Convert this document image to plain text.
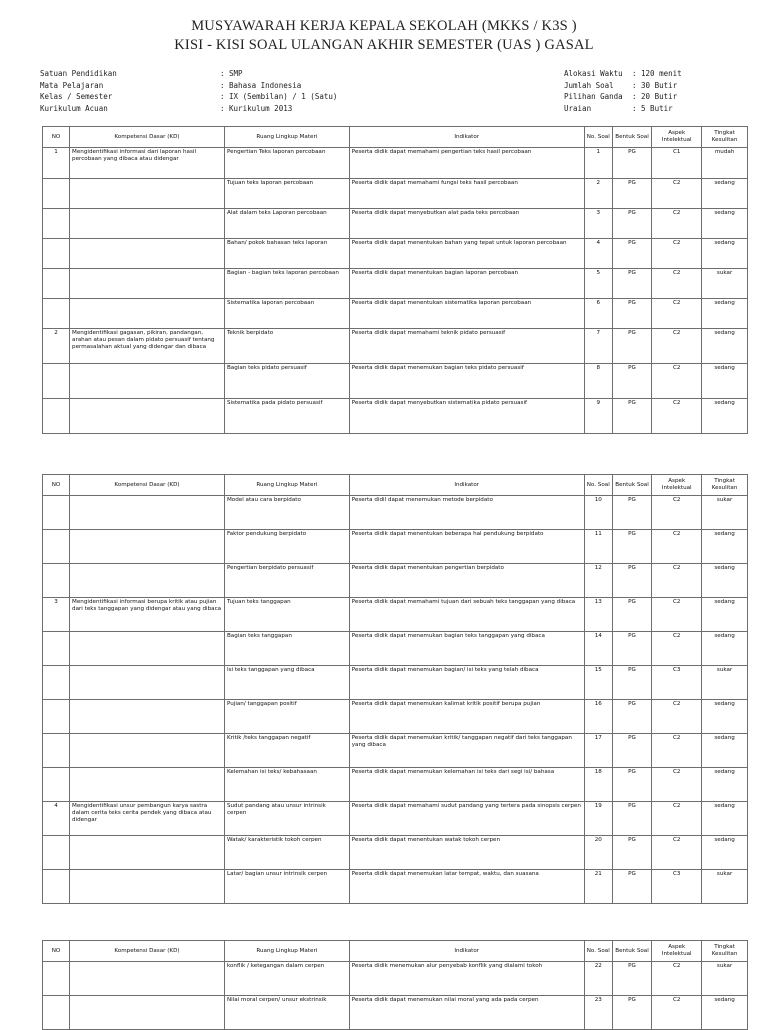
MUSYAWARAH KERJA KEPALA SEKOLAH (MKKS / K3S )
KISI - KISI SOAL ULANGAN AKHIR SEMESTER (UAS ) GASAL
Satuan Pendidikan	: SMP	Alokasi Waktu	: 120 menit
Mata Pelajaran	: Bahasa Indonesia	Jumlah Soal	: 30 Butir
Kelas / Semester	: IX (Sembilan) / 1 (Satu)	Pilihan Ganda	: 20 Butir
Kurikulum Acuan	: Kurikulum 2013	Uraian	: 5 Butir
NO	Kompetensi Dasar (KD)	Ruang Lingkup Materi	Indikator	No. Soal	Bentuk Soal	Aspek Intelektual	Tingkat Kesulitan
1	Mengidentifikasi informasi dari laporan hasil percobaan yang dibaca atau didengar	Pengertian Teks laporan percobaan	Peserta didik dapat memahami pengertian teks hasil percobaan	1	PG	C1	mudah
		Tujuan teks laporan percobaan	Peserta didik dapat memahami fungsi teks hasil percobaan	2	PG	C2	sedang
		Alat dalam teks Laporan percobaan	Peserta didik dapat menyebutkan alat pada teks percobaan	3	PG	C2	sedang
		Bahan/ pokok bahasan teks laporan	Peserta didik dapat menentukan bahan yang tepat untuk laporan percobaan	4	PG	C2	sedang
		Bagian - bagian teks laporan percobaan	Peserta didik dapat menentukan bagian laporan percobaan	5	PG	C2	sukar
		Sistematika laporan percobaan	Peserta didik dapat menentukan sistematika laporan percobaan	6	PG	C2	sedang
2	Mengidentifikasi gagasan, pikiran, pandangan, arahan atau pesan dalam pidato persuasif tentang permasalahan aktual yang didengar dan dibaca	Teknik berpidato	Peserta didik dapat memahami teknik pidato persuasif	7	PG	C2	sedang
		Bagian teks pidato persuasif	Peserta didik dapat menemukan bagian teks pidato persuasif	8	PG	C2	sedang
		Sistematika pada pidato persuasif	Peserta didik dapat menyebutkan sistematika pidato persuasif	9	PG	C2	sedang
NO	Kompetensi Dasar (KD)	Ruang Lingkup Materi	Indikator	No. Soal	Bentuk Soal	Aspek Intelektual	Tingkat Kesulitan
		Model atau cara berpidato	Peserta didil dapat menemukan metode berpidato	10	PG	C2	sukar
		Faktor pendukung berpidato	Peserta didik dapat menentukan beberapa hal pendukung berpidato	11	PG	C2	sedang
		Pengertian berpidato persuasif	Peserta didik dapat menentukan pengertian berpidato	12	PG	C2	sedang
3	Mengidentifikasi informasi berupa kritik atau pujian dari teks tanggapan yang didengar atau yang dibaca	Tujuan teks tanggapan	Peserta didik dapat memahami tujuan dari sebuah teks tanggapan yang dibaca	13	PG	C2	sedang
		Bagian teks tanggapan	Peserta didik dapat menemukan bagian teks tanggapan yang dibaca	14	PG	C2	sedang
		Isi teks tanggapan yang dibaca	Peserta didik dapat menemukan bagian/ isi teks yang telah dibaca	15	PG	C3	sukar
		Pujian/ tanggapan positif	Peserta didik dapat menemukan kalimat kritik positif berupa pujian	16	PG	C2	sedang
		Kritik /teks tanggapan negatif	Peserta didik dapat menemukan kritik/ tanggapan negatif dari teks tanggapan yang dibaca	17	PG	C2	sedang
		Kelemahan isi teks/ kebahasaan	Peserta didik dapat menemukan kelemahan isi teks dari segi isi/ bahasa	18	PG	C2	sedang
4	Mengidentifikasi unsur pembangun karya sastra dalam cerita teks cerita pendek yang dibaca atau didengar	Sudut pandang atau unsur intrinsik cerpen	Peserta didik dapat memahami sudut pandang yang tertera pada sinopsis cerpen	19	PG	C2	sedang
		Watak/ karakteristik tokoh cerpen	Peserta didik dapat menentukan watak tokoh cerpen	20	PG	C2	sedang
		Latar/ bagian unsur intrinsik cerpen	Peserta didik dapat menemukan latar tempat, waktu, dan suasana	21	PG	C3	sukar
NO	Kompetensi Dasar (KD)	Ruang Lingkup Materi	Indikator	No. Soal	Bentuk Soal	Aspek Intelektual	Tingkat Kesulitan
		konflik / ketegangan dalam cerpen	Peserta didik menemukan alur penyebab konflik yang dialami tokoh	22	PG	C2	sukar
		Nilai moral cerpen/ unsur ekstrinsik	Peserta didik dapat menemukan nilai moral yang ada pada cerpen	23	PG	C2	sedang
